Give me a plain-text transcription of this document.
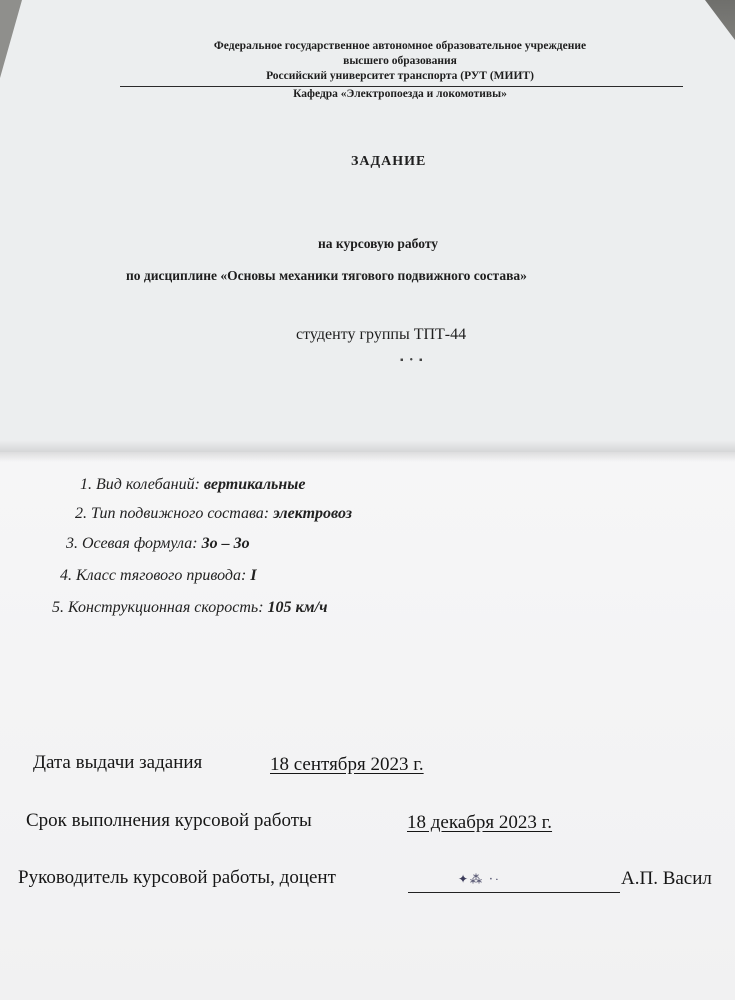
Федеральное государственное автономное образовательное учреждение
высшего образования
Российский университет транспорта (РУТ (МИИТ)
Кафедра «Электропоезда и локомотивы»
ЗАДАНИЕ
на курсовую работу
по дисциплине «Основы механики тягового подвижного состава»
студенту группы ТПТ-44
▪•▪
1. Вид колебаний: вертикальные
2. Тип подвижного состава: электровоз
3. Осевая формула: 3о – 3о
4. Класс тягового привода: I
5. Конструкционная скорость: 105 км/ч
Дата выдачи задания	18 сентября 2023 г.
Срок выполнения курсовой работы	18 декабря 2023 г.
Руководитель курсовой работы, доцент	✦⁂ ‧·	А.П. Васил
